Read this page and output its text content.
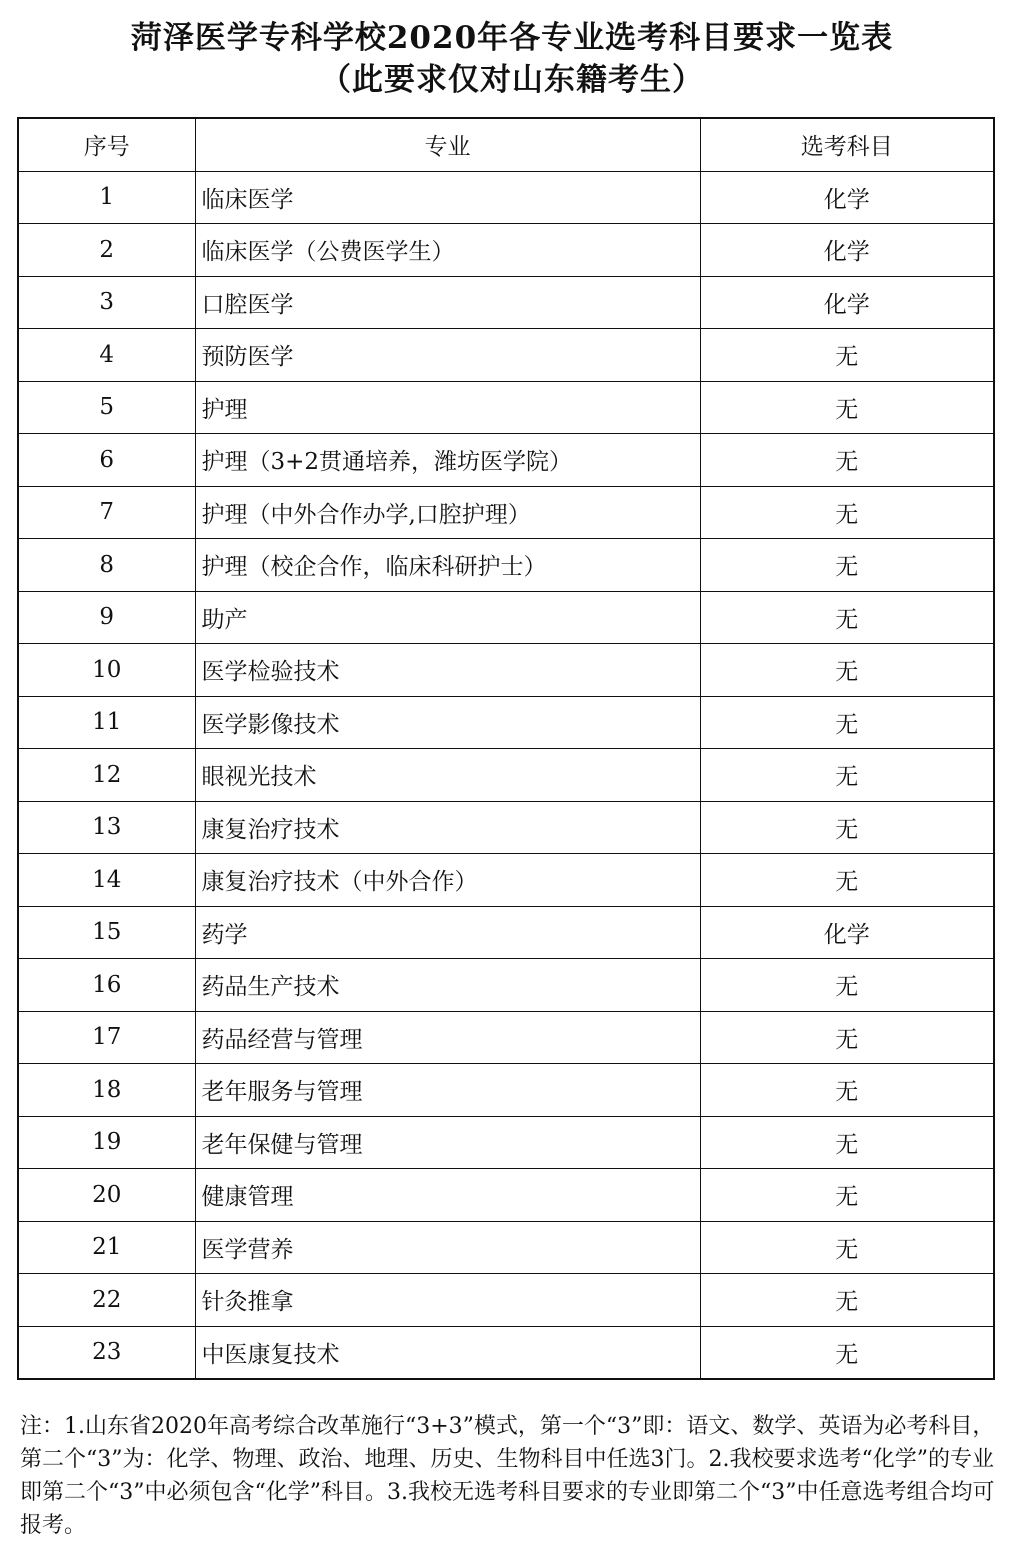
菏泽医学专科学校2020年各专业选考科目要求一览表
（此要求仅对山东籍考生）
序号	专业	选考科目
1	临床医学	化学
2	临床医学（公费医学生）	化学
3	口腔医学	化学
4	预防医学	无
5	护理	无
6	护理（3+2贯通培养，潍坊医学院）	无
7	护理（中外合作办学,口腔护理）	无
8	护理（校企合作，临床科研护士）	无
9	助产	无
10	医学检验技术	无
11	医学影像技术	无
12	眼视光技术	无
13	康复治疗技术	无
14	康复治疗技术（中外合作）	无
15	药学	化学
16	药品生产技术	无
17	药品经营与管理	无
18	老年服务与管理	无
19	老年保健与管理	无
20	健康管理	无
21	医学营养	无
22	针灸推拿	无
23	中医康复技术	无
注：1.山东省2020年高考综合改革施行“3+3”模式，第一个“3”即：语文、数学、英语为必考科目，第二个“3”为：化学、物理、政治、地理、历史、生物科目中任选3门。2.我校要求选考“化学”的专业即第二个“3”中必须包含“化学”科目。3.我校无选考科目要求的专业即第二个“3”中任意选考组合均可报考。
